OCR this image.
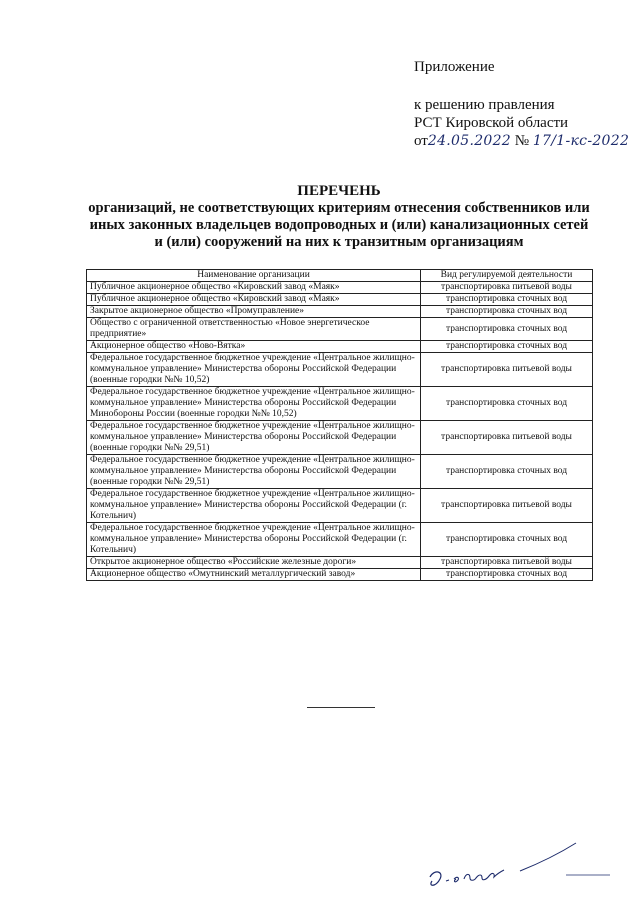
Приложение
к решению правления
РСТ Кировской области
от24.05.2022 № 17/1-кс-2022
ПЕРЕЧЕНЬ
организаций, не соответствующих критериям отнесения собственников или иных законных владельцев водопроводных и (или) канализационных сетей и (или) сооружений на них к транзитным организациям
Наименование организации	Вид регулируемой деятельности
Публичное акционерное общество «Кировский завод «Маяк»	транспортировка питьевой воды
Публичное акционерное общество «Кировский завод «Маяк»	транспортировка сточных вод
Закрытое акционерное общество «Промуправление»	транспортировка сточных вод
Общество с ограниченной ответственностью «Новое энергетическое предприятие»	транспортировка сточных вод
Акционерное общество «Ново-Вятка»	транспортировка сточных вод
Федеральное государственное бюджетное учреждение «Центральное жилищно-коммунальное управление» Министерства обороны Российской Федерации (военные городки №№ 10,52)	транспортировка питьевой воды
Федеральное государственное бюджетное учреждение «Центральное жилищно-коммунальное управление» Министерства обороны Российской Федерации Минобороны России (военные городки №№ 10,52)	транспортировка сточных вод
Федеральное государственное бюджетное учреждение «Центральное жилищно-коммунальное управление» Министерства обороны Российской Федерации (военные городки №№ 29,51)	транспортировка питьевой воды
Федеральное государственное бюджетное учреждение «Центральное жилищно-коммунальное управление» Министерства обороны Российской Федерации (военные городки №№ 29,51)	транспортировка сточных вод
Федеральное государственное бюджетное учреждение «Центральное жилищно-коммунальное управление» Министерства обороны Российской Федерации (г. Котельнич)	транспортировка питьевой воды
Федеральное государственное бюджетное учреждение «Центральное жилищно-коммунальное управление» Министерства обороны Российской Федерации (г. Котельнич)	транспортировка сточных вод
Открытое акционерное общество «Российские железные дороги»	транспортировка питьевой воды
Акционерное общество «Омутнинский металлургический завод»	транспортировка сточных вод
